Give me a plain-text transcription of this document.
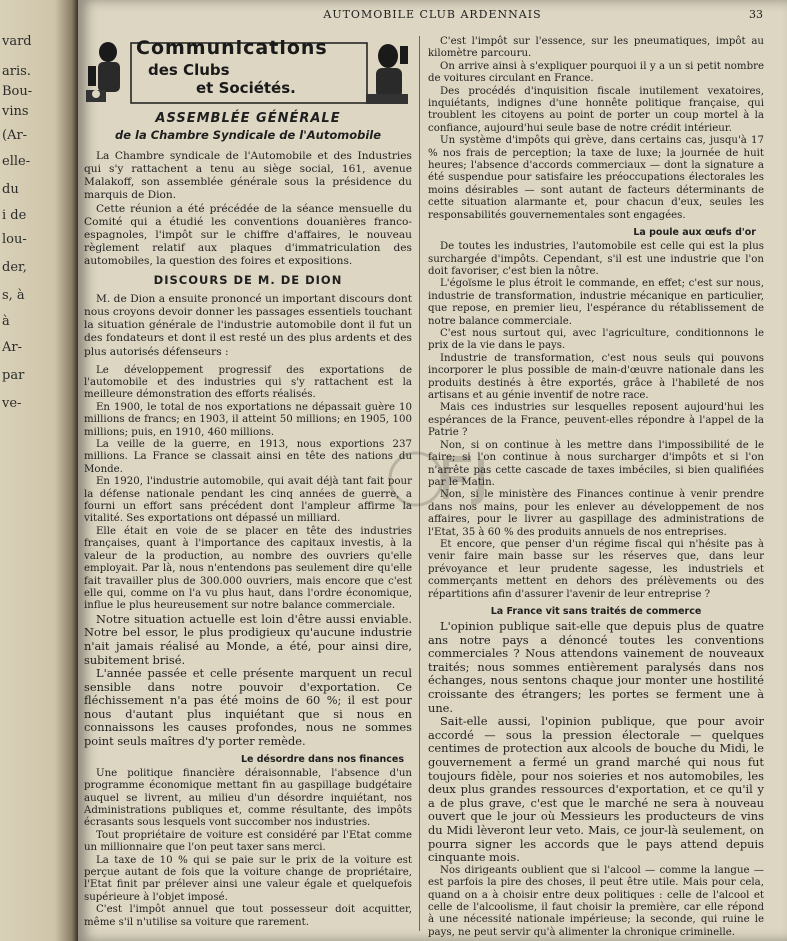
vard
aris.
Bou-
vins
(Ar-
elle-
du
i de
lou-
der,
s, à
à
Ar-
par
ve-
AUTOMOBILE CLUB ARDENNAIS	33
Communications
des Clubs
et Sociétés.
ASSEMBLÉE GÉNÉRALE
de la Chambre Syndicale de l'Automobile

La Chambre syndicale de l'Automobile et des Industries qui s'y rattachent a tenu au siège social, 161, avenue Malakoff, son assemblée générale sous la présidence du marquis de Dion.

Cette réunion a été précédée de la séance mensuelle du Comité qui a étudié les conventions douanières franco-espagnoles, l'impôt sur le chiffre d'affaires, le nouveau règlement relatif aux plaques d'immatriculation des automobiles, la question des foires et expositions.

DISCOURS DE M. DE DION

M. de Dion a ensuite prononcé un important discours dont nous croyons devoir donner les passages essentiels touchant la situation générale de l'industrie automobile dont il fut un des fondateurs et dont il est resté un des plus ardents et des plus autorisés défenseurs :

Le développement progressif des exportations de l'automobile et des industries qui s'y rattachent est la meilleure démonstration des efforts réalisés.

En 1900, le total de nos exportations ne dépassait guère 10 millions de francs; en 1903, il atteint 50 millions; en 1905, 100 millions; puis, en 1910, 460 millions.

La veille de la guerre, en 1913, nous exportions 237 millions. La France se classait ainsi en tête des nations du Monde.

En 1920, l'industrie automobile, qui avait déjà tant fait pour la défense nationale pendant les cinq années de guerre, a fourni un effort sans précédent dont l'ampleur affirme la vitalité. Ses exportations ont dépassé un milliard.

Elle était en voie de se placer en tête des industries françaises, quant à l'importance des capitaux investis, à la valeur de la production, au nombre des ouvriers qu'elle employait. Par là, nous n'entendons pas seulement dire qu'elle fait travailler plus de 300.000 ouvriers, mais encore que c'est elle qui, comme on l'a vu plus haut, dans l'ordre économique, influe le plus heureusement sur notre balance commerciale.

Notre situation actuelle est loin d'être aussi enviable. Notre bel essor, le plus prodigieux qu'aucune industrie n'ait jamais réalisé au Monde, a été, pour ainsi dire, subitement brisé.

L'année passée et celle présente marquent un recul sensible dans notre pouvoir d'exportation. Ce fléchissement n'a pas été moins de 60 %; il est pour nous d'autant plus inquiétant que si nous en connaissons les causes profondes, nous ne sommes point seuls maîtres d'y porter remède.

Le désordre dans nos finances

Une politique financière déraisonnable, l'absence d'un programme économique mettant fin au gaspillage budgétaire auquel se livrent, au milieu d'un désordre inquiétant, nos Administrations publiques et, comme résultante, des impôts écrasants sous lesquels vont succomber nos industries.

Tout propriétaire de voiture est considéré par l'Etat comme un millionnaire que l'on peut taxer sans merci.

La taxe de 10 % qui se paie sur le prix de la voiture est perçue autant de fois que la voiture change de propriétaire, l'Etat finit par prélever ainsi une valeur égale et quelquefois supérieure à l'objet imposé.

C'est l'impôt annuel que tout possesseur doit acquitter, même s'il n'utilise sa voiture que rarement.

C'est l'impôt sur l'essence, sur les pneumatiques, impôt au kilomètre parcouru.

On arrive ainsi à s'expliquer pourquoi il y a un si petit nombre de voitures circulant en France.

Des procédés d'inquisition fiscale inutilement vexatoires, inquiétants, indignes d'une honnête politique française, qui troublent les citoyens au point de porter un coup mortel à la confiance, aujourd'hui seule base de notre crédit intérieur.

Un système d'impôts qui grève, dans certains cas, jusqu'à 17 % nos frais de perception; la taxe de luxe; la journée de huit heures; l'absence d'accords commerciaux — dont la signature a été suspendue pour satisfaire les préoccupations électorales les moins désirables — sont autant de facteurs déterminants de cette situation alarmante et, pour chacun d'eux, seules les responsabilités gouvernementales sont engagées.

La poule aux œufs d'or

De toutes les industries, l'automobile est celle qui est la plus surchargée d'impôts. Cependant, s'il est une industrie que l'on doit favoriser, c'est bien la nôtre.

L'égoïsme le plus étroit le commande, en effet; c'est sur nous, industrie de transformation, industrie mécanique en particulier, que repose, en premier lieu, l'espérance du rétablissement de notre balance commerciale.

C'est nous surtout qui, avec l'agriculture, conditionnons le prix de la vie dans le pays.

Industrie de transformation, c'est nous seuls qui pouvons incorporer le plus possible de main-d'œuvre nationale dans les produits destinés à être exportés, grâce à l'habileté de nos artisans et au génie inventif de notre race.

Mais ces industries sur lesquelles reposent aujourd'hui les espérances de la France, peuvent-elles répondre à l'appel de la Patrie ?

Non, si on continue à les mettre dans l'impossibilité de le faire; si l'on continue à nous surcharger d'impôts et si l'on n'arrête pas cette cascade de taxes imbéciles, si bien qualifiées par le Matin.

Non, si le ministère des Finances continue à venir prendre dans nos mains, pour les enlever au développement de nos affaires, pour le livrer au gaspillage des administrations de l'Etat, 35 à 60 % des produits annuels de nos entreprises.

Et encore, que penser d'un régime fiscal qui n'hésite pas à venir faire main basse sur les réserves que, dans leur prévoyance et leur prudente sagesse, les industriels et commerçants mettent en dehors des prélèvements ou des répartitions afin d'assurer l'avenir de leur entreprise ?

La France vit sans traités de commerce

L'opinion publique sait-elle que depuis plus de quatre ans notre pays a dénoncé toutes les conventions commerciales ? Nous attendons vainement de nouveaux traités; nous sommes entièrement paralysés dans nos échanges, nous sentons chaque jour monter une hostilité croissante des étrangers; les portes se ferment une à une.

Sait-elle aussi, l'opinion publique, que pour avoir accordé — sous la pression électorale — quelques centimes de protection aux alcools de bouche du Midi, le gouvernement a fermé un grand marché qui nous fut toujours fidèle, pour nos soieries et nos automobiles, les deux plus grandes ressources d'exportation, et ce qu'il y a de plus grave, c'est que le marché ne sera à nouveau ouvert que le jour où Messieurs les producteurs de vins du Midi lèveront leur veto. Mais, ce jour-là seulement, on pourra signer les accords que le pays attend depuis cinquante mois.

Nos dirigeants oublient que si l'alcool — comme la langue — est parfois la pire des choses, il peut être utile. Mais pour cela, quand on a à choisir entre deux politiques : celle de l'alcool et celle de l'alcoolisme, il faut choisir la première, car elle répond à une nécessité nationale impérieuse; la seconde, qui ruine le pays, ne peut servir qu'à alimenter la chronique criminelle.
